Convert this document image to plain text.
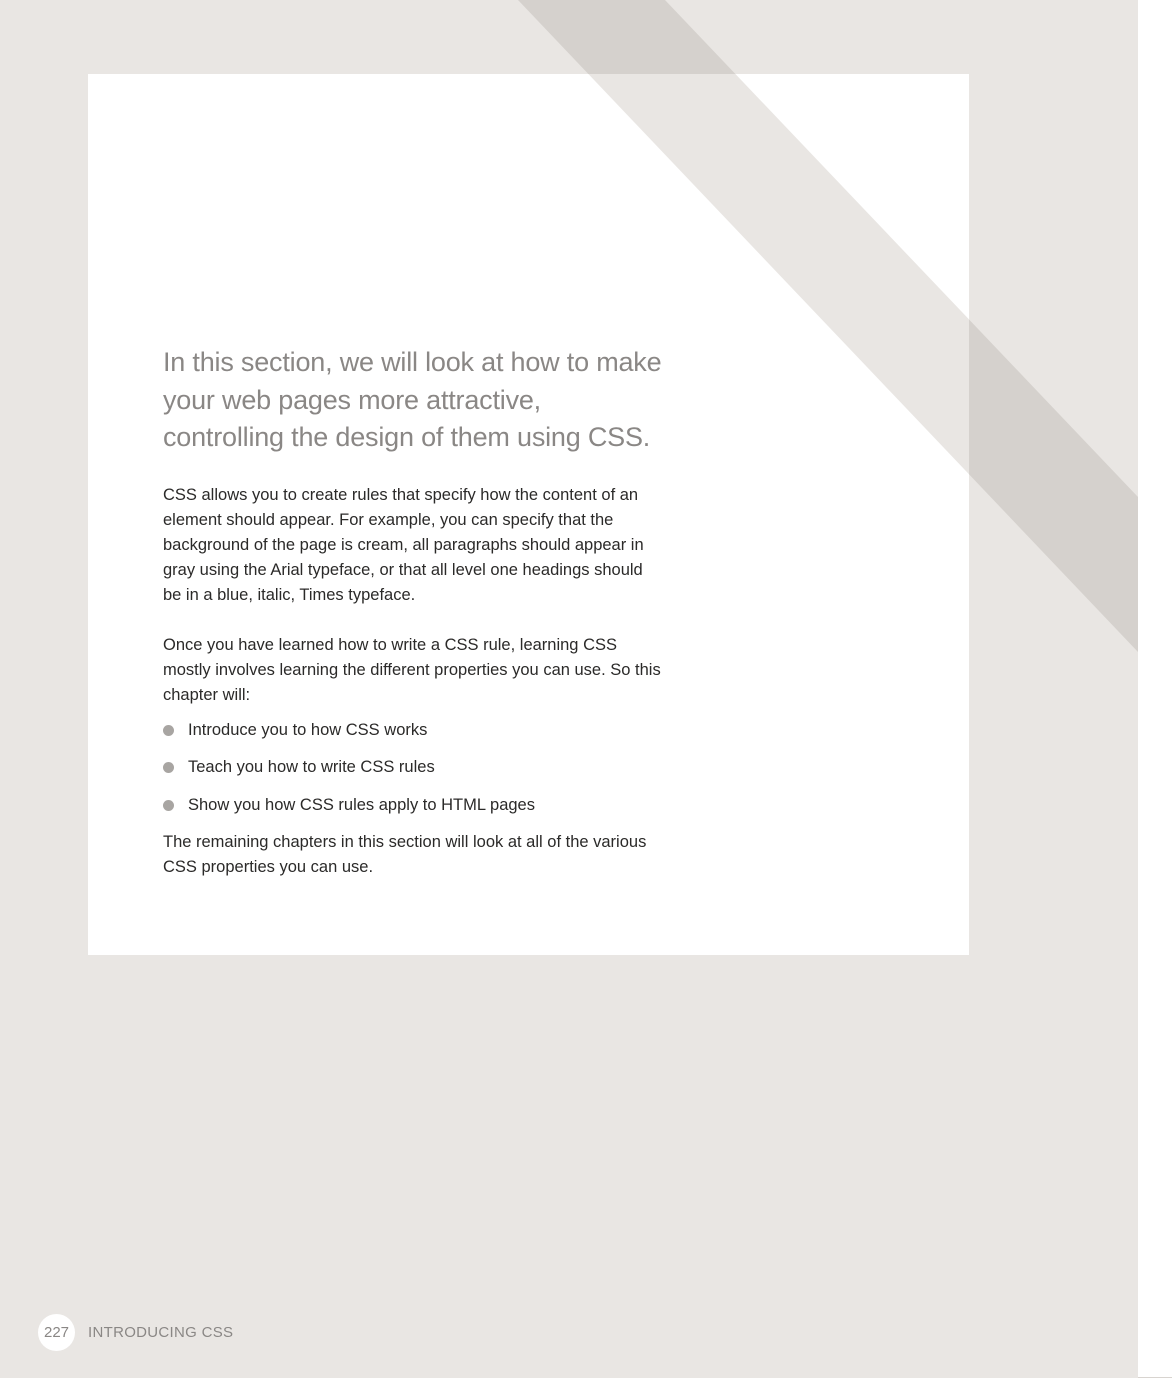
In this section, we will look at how to make your web pages more attractive, controlling the design of them using CSS.

CSS allows you to create rules that specify how the content of an element should appear. For example, you can specify that the background of the page is cream, all paragraphs should appear in gray using the Arial typeface, or that all level one headings should be in a blue, italic, Times typeface.

Once you have learned how to write a CSS rule, learning CSS mostly involves learning the different properties you can use. So this chapter will:

Introduce you to how CSS works
Teach you how to write CSS rules
Show you how CSS rules apply to HTML pages

The remaining chapters in this section will look at all of the various CSS properties you can use.

227	INTRODUCING CSS
